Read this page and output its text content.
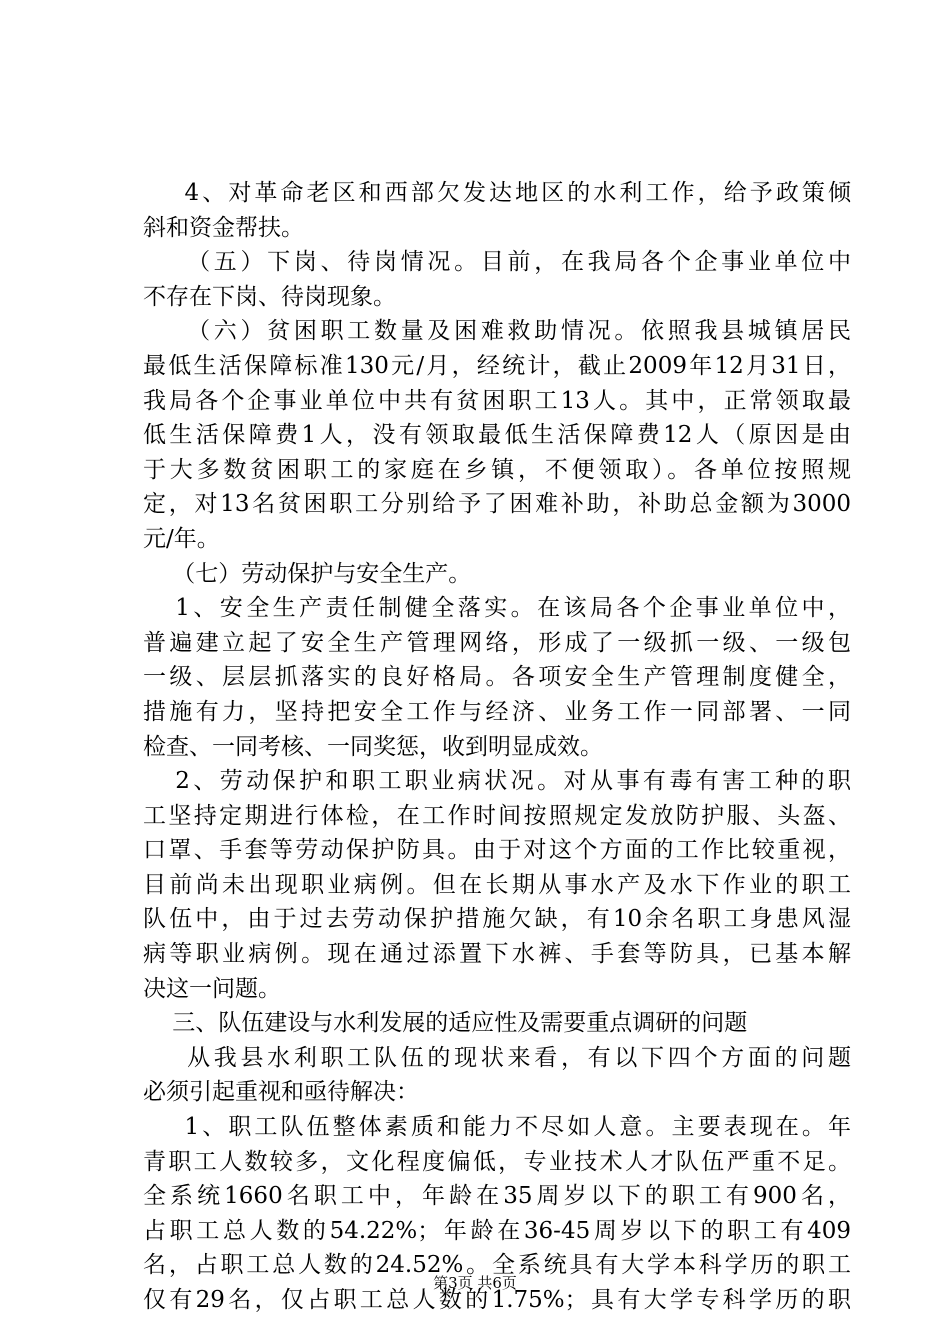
4、对革命老区和西部欠发达地区的水利工作，给予政策倾
斜和资金帮扶。
（五）下岗、待岗情况。目前，在我局各个企事业单位中
不存在下岗、待岗现象。
（六）贫困职工数量及困难救助情况。依照我县城镇居民
最低生活保障标准130元/月，经统计，截止2009年12月31日，
我局各个企事业单位中共有贫困职工13人。其中，正常领取最
低生活保障费1人，没有领取最低生活保障费12人（原因是由
于大多数贫困职工的家庭在乡镇，不便领取）。各单位按照规
定，对13名贫困职工分别给予了困难补助，补助总金额为3000
元/年。
（七）劳动保护与安全生产。
1、安全生产责任制健全落实。在该局各个企事业单位中，
普遍建立起了安全生产管理网络，形成了一级抓一级、一级包
一级、层层抓落实的良好格局。各项安全生产管理制度健全，
措施有力，坚持把安全工作与经济、业务工作一同部署、一同
检查、一同考核、一同奖惩，收到明显成效。
2、劳动保护和职工职业病状况。对从事有毒有害工种的职
工坚持定期进行体检，在工作时间按照规定发放防护服、头盔、
口罩、手套等劳动保护防具。由于对这个方面的工作比较重视，
目前尚未出现职业病例。但在长期从事水产及水下作业的职工
队伍中，由于过去劳动保护措施欠缺，有10余名职工身患风湿
病等职业病例。现在通过添置下水裤、手套等防具，已基本解
决这一问题。
三、队伍建设与水利发展的适应性及需要重点调研的问题
从我县水利职工队伍的现状来看，有以下四个方面的问题
必须引起重视和亟待解决：
1、职工队伍整体素质和能力不尽如人意。主要表现在。年
青职工人数较多，文化程度偏低，专业技术人才队伍严重不足。
全系统1660名职工中，年龄在35周岁以下的职工有900名，
占职工总人数的54.22%；年龄在36-45周岁以下的职工有409
名，占职工总人数的24.52%。全系统具有大学本科学历的职工
仅有29名，仅占职工总人数的1.75%；具有大学专科学历的职
第3页 共6页
